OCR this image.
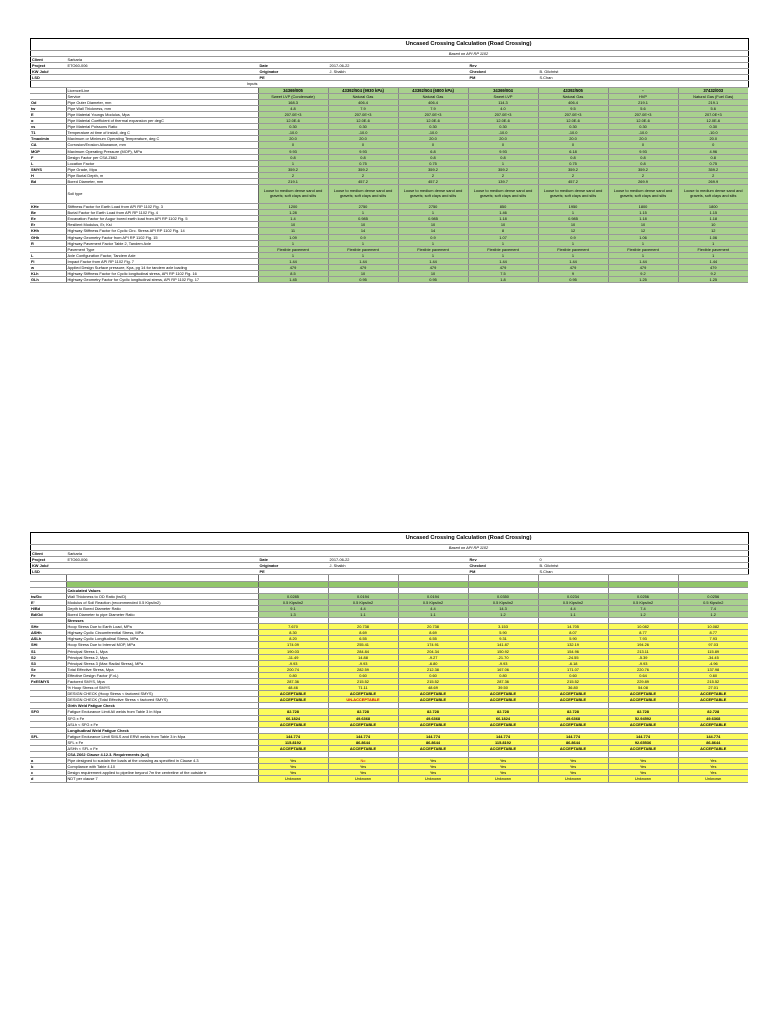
		Uncased Crossing Calculation (Road Crossing)						
		Based on API RP 1102						
Client	Sarkaria							
Project	ETO60-006	Date	2017-06-22		Rev			
KW Job#		Originator	J. Shaikh		Checked	B. Gilchrist		
LSD		PE			PM	S.Chan		
	Inputs							
	Licence/Line	34369/005	43392/504 (9930 kPa)	43392/504 (6800 kPa)	34369/004	43392/505	-	37432/003
	Service	Sweet LVP (Condensate)	Natural Gas	Natural Gas	Sweet LVP	Natural Gas	HVP	Natural Gas (Fuel Gas)
Od	Pipe Outer Diameter, mm	168.3	406.4	406.4	114.3	406.4	219.1	219.1
tw	Pipe Wall Thickness, mm	4.8	7.9	7.9	4.0	9.5	5.6	5.6
E	Pipe Material Youngs Modulus, Mpa	207.0E+3	207.0E+3	207.0E+3	207.0E+3	207.0E+3	207.0E+3	207.0E+3
α	Pipe Material Coefficient of thermal expansion per degC	12.0E-6	12.0E-6	12.0E-6	12.0E-6	12.0E-6	12.0E-6	12.0E-6
νs	Pipe Material Poissons Ratio	0.30	0.30	0.30	0.30	0.30	0.30	0.30
T1	Temperature at time of install, deg C	-10.0	-10.0	-10.0	-10.0	-10.0	-10.0	-10.0
Tmax/min	Maximum or Minimum Operating Temperature, deg C	20.0	20.0	20.0	20.0	20.0	20.0	20.0
CA	Corrosion/Erosion Allowance, mm	0	0	0	0	0	0	0
MOP	Maximum Operating Pressure (MOP), MPa	9.93	9.93	6.8	9.93	6.18	9.93	4.96
F	Design Factor per CSA Z662	0.8	0.8	0.8	0.8	0.8	0.8	0.8
L	Location Factor	1	0.75	0.75	1	0.75	0.8	0.75
SMYS	Pipe Grade, Mpa	359.2	359.2	359.2	359.2	359.2	359.2	359.2
H	Pipe Burial Depth, m	2	2	2	2	2	2	2
Bd	Bored Diameter, mm	219.1	457.2	457.2	139.7	457.2	269.9	269.9
	Soil type	Loose to medium dense sand and gravels; soft clays and silts	Loose to medium dense sand and gravels; soft clays and silts	Loose to medium dense sand and gravels; soft clays and silts	Loose to medium dense sand and gravels; soft clays and silts	Loose to medium dense sand and gravels; soft clays and silts	Loose to medium dense sand and gravels; soft clays and silts	Loose to medium dense sand and gravels, soft clays and silts
KHe	Stiffness Factor for Earth Load from API RP 1102 Fig. 3	1200	2750	2750	850	1950	1800	1800
Be	Burial Factor for Earth Load from API RP 1102 Fig. 4	1.28	1	1	1.46	1	1.15	1.15
Ee	Excavation Factor for Augur bored earth load from API RP 1102 Fig. 5	1.4	0.985	0.985	1.18	0.985	1.18	1.18
Er	Resilient Modulus, Er, Ksi	10	10	10	10	10	10	10
KHh	Highway Stiffness Factor for Cyclic Circ. Stress API RP 1102 Fig. 14	11	14	14	8	12	12	12
GHh	Highway Geometry Factor from API RP 1102 Fig. 15	1.09	0.9	0.9	1.07	0.9	1.06	1.06
R	Highway Pavement Factor Table 2, Tandem Axle	1	1	1	1	1	1	1
	Pavement Type	Flexible pavement	Flexible pavement	Flexible pavement	Flexible pavement	Flexible pavement	Flexible pavement	Flexible pavement
L	Axle Configuration Factor, Tandem Axle	1	1	1	1	1	1	1
Fi	Impact Factor from API RP 1102 Fig. 7	1.44	1.44	1.44	1.44	1.44	1.44	1.44
w	Applied Design Surface pressure, Kpa, pg 14 for tandem axle loading	479	479	479	479	479	479	479
KLh	Highway Stiffness Factor for Cyclic longitudinal stress, API RP 1102 Fig. 16	8.5	10	10	7.5	9	9.2	9.2
GLh	Highway Geometry Factor for Cyclic longitudinal stress, API RP 1102 Fig. 17	1.45	0.95	0.95	1.8	0.95	1.25	1.25
		Uncased Crossing Calculation (Road Crossing)						
		Based on API RP 1102						
Client	Sarkaria							
Project	ETO60-006	Date	2017-06-22		Rev	0		
KW Job#		Originator	J. Shaikh		Checked	B. Gilchrist		
LSD		PE			PM	S.Chan		

	Calculated Values							
tw/Do	Wall Thickness to OD Ratio (tw/D)	0.0285	0.0194	0.0194	0.0350	0.0234	0.0256	0.0256
E'	Modulus of Soil Reaction (recommended 0.5 Kips/in2)	0.5 Kips/in2	0.5 Kips/in2	0.5 Kips/in2	0.5 Kips/in2	0.5 Kips/in2	0.5 Kips/in2	0.5 Kips/in2
H/Bd	Depth to Bored Diameter Ratio	9.1	4.4	4.4	14.3	4.4	7.4	7.4
Bd/Od	Bored Diameter to pipe Diameter Ratio	1.3	1.1	1.1	1.2	1.1	1.2	1.2
	Stresses							
SHe	Hoop Stress Due to Earth Load, MPa	7.670	20.738	20.738	3.153	14.705	10.082	10.082
ΔSHh	Highway Cyclic Circumferential Stress, MPa	8.30	8.69	8.69	5.90	8.07	8.77	8.77
ΔSLh	Highway Cyclic Longitudinal Stress, MPa	8.20	6.55	6.55	9.31	5.90	7.93	7.93
SHi	Hoop Stress Due to Internal MOP, MPa	174.09	255.41	174.91	141.87	132.19	194.26	97.03
S1	Principal Stress 1, Mpa	190.03	284.84	204.34	150.92	154.96	213.11	115.89
S2	Principal Stress 2, Mpa	-11.49	14.88	-9.27	-21.70	-24.55	-5.39	-34.45
S3	Principal Stress 3 (Max Radial Stress), MPa	-9.93	-9.93	-6.80	-9.93	-6.18	-9.93	-4.96
Se	Total Effective Stress, Mpa	200.74	282.59	212.38	167.06	171.07	220.76	137.98
Fe	Effective Design Factor (F.xL)	0.80	0.60	0.60	0.80	0.60	0.64	0.60
FxESMYS	Factored SMYS, Mpa	287.36	215.52	215.52	287.36	215.52	229.89	215.52
	% Hoop Stress of SMYS	48.46	71.11	48.69	39.50	36.80	54.08	27.01
	DESIGN CHECK (Hoop Stress < factored SMYS)	ACCEPTABLE	ACCEPTABLE	ACCEPTABLE	ACCEPTABLE	ACCEPTABLE	ACCEPTABLE	ACCEPTABLE
	DESIGN CHECK (Total Effective Stress < factored SMYS)	ACCEPTABLE	UN-ACCEPTABLE	ACCEPTABLE	ACCEPTABLE	ACCEPTABLE	ACCEPTABLE	ACCEPTABLE
	Girth Weld Fatigue Check							
SFG	Fatigue Endurance Limit All welds from Table 3 in Mpa	82.728	82.728	82.728	82.728	82.728	82.728	82.728
	SFG x Fe	66.1824	49.6368	49.6368	66.1824	49.6368	52.94592	49.6368
	ΔSLh < SFG x Fe	ACCEPTABLE	ACCEPTABLE	ACCEPTABLE	ACCEPTABLE	ACCEPTABLE	ACCEPTABLE	ACCEPTABLE
	Longitudinal Weld Fatigue Check							
SFL	Fatigue Endurance Limit SMLS and ERW welds from Table 3 in Mpa	144.774	144.774	144.774	144.774	144.774	144.774	144.774
	SFL x Fe	115.8192	86.8644	86.8644	115.8192	86.8644	92.65536	86.8644
	ΔSHh < SFL x Fe	ACCEPTABLE	ACCEPTABLE	ACCEPTABLE	ACCEPTABLE	ACCEPTABLE	ACCEPTABLE	ACCEPTABLE
	CSA Z662 Clause 4.12.3. Requirements (a-d)							
a	Pipe designed to sustain the loads at the crossing as specified in Clause 4.3	Yes	No	Yes	Yes	Yes	Yes	Yes
b	Compliance with Table 4.10	Yes	Yes	Yes	Yes	Yes	Yes	Yes
c	Design requirement applied to pipeline beyond 7m the centreline of the outside tr	Yes	Yes	Yes	Yes	Yes	Yes	Yes
d	NDT per clause 7	Unknown	Unknown	Unknown	Unknown	Unknown	Unknown	Unknown
